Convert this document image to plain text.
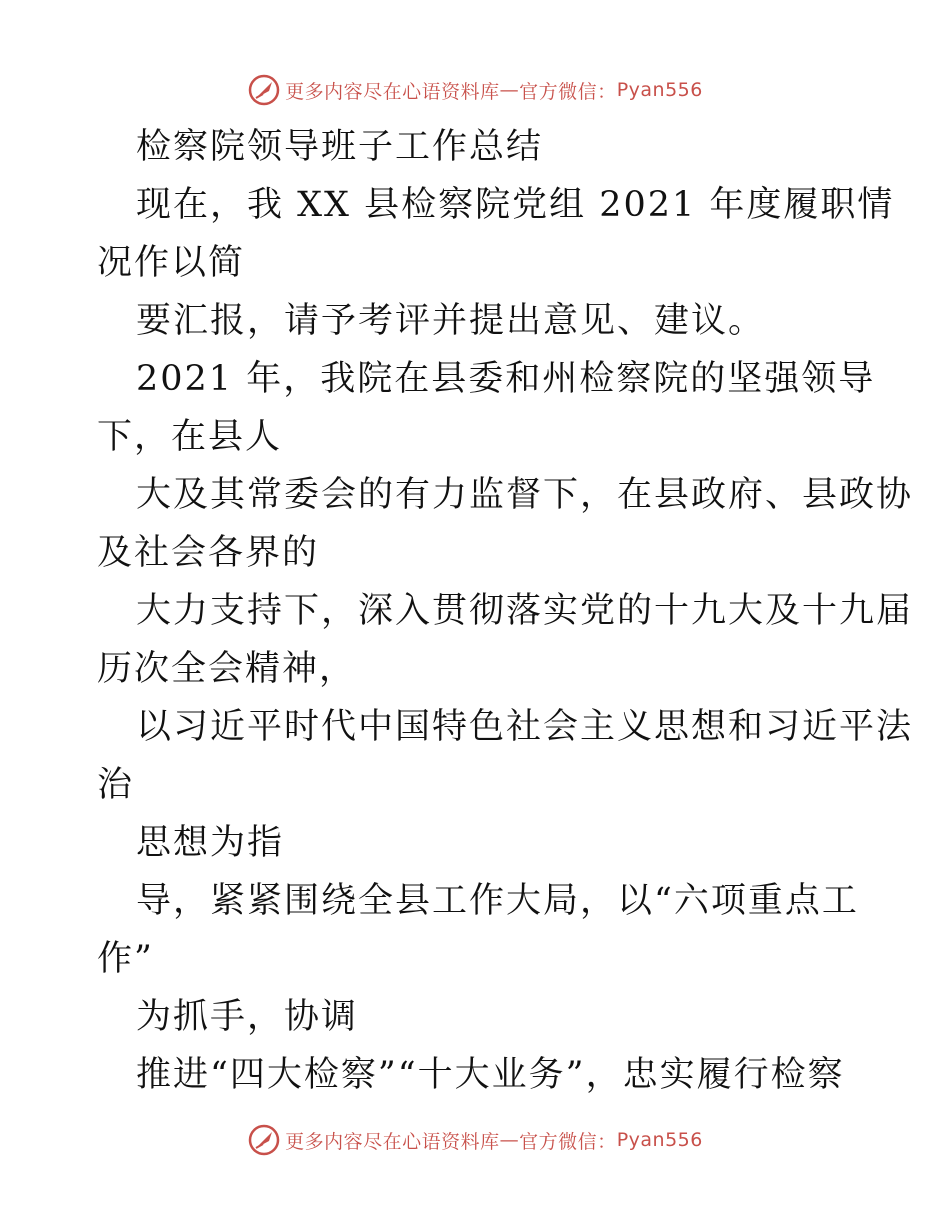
更多内容尽在心语资料库 — 官方微信： Pyan556
检察院领导班子工作总结
现在，我 XX 县检察院党组 2021 年度履职情
况作以简
要汇报，请予考评并提出意见、建议。
2021 年，我院在县委和州检察院的坚强领导
下，在县人
大及其常委会的有力监督下，在县政府、县政协
及社会各界的
大力支持下，深入贯彻落实党的十九大及十九届
历次全会精神，
以习近平时代中国特色社会主义思想和习近平法
治
思想为指
导，紧紧围绕全县工作大局，以“六项重点工
作”
为抓手，协调
推进“四大检察”“十大业务”，忠实履行检察
更多内容尽在心语资料库 — 官方微信： Pyan556
